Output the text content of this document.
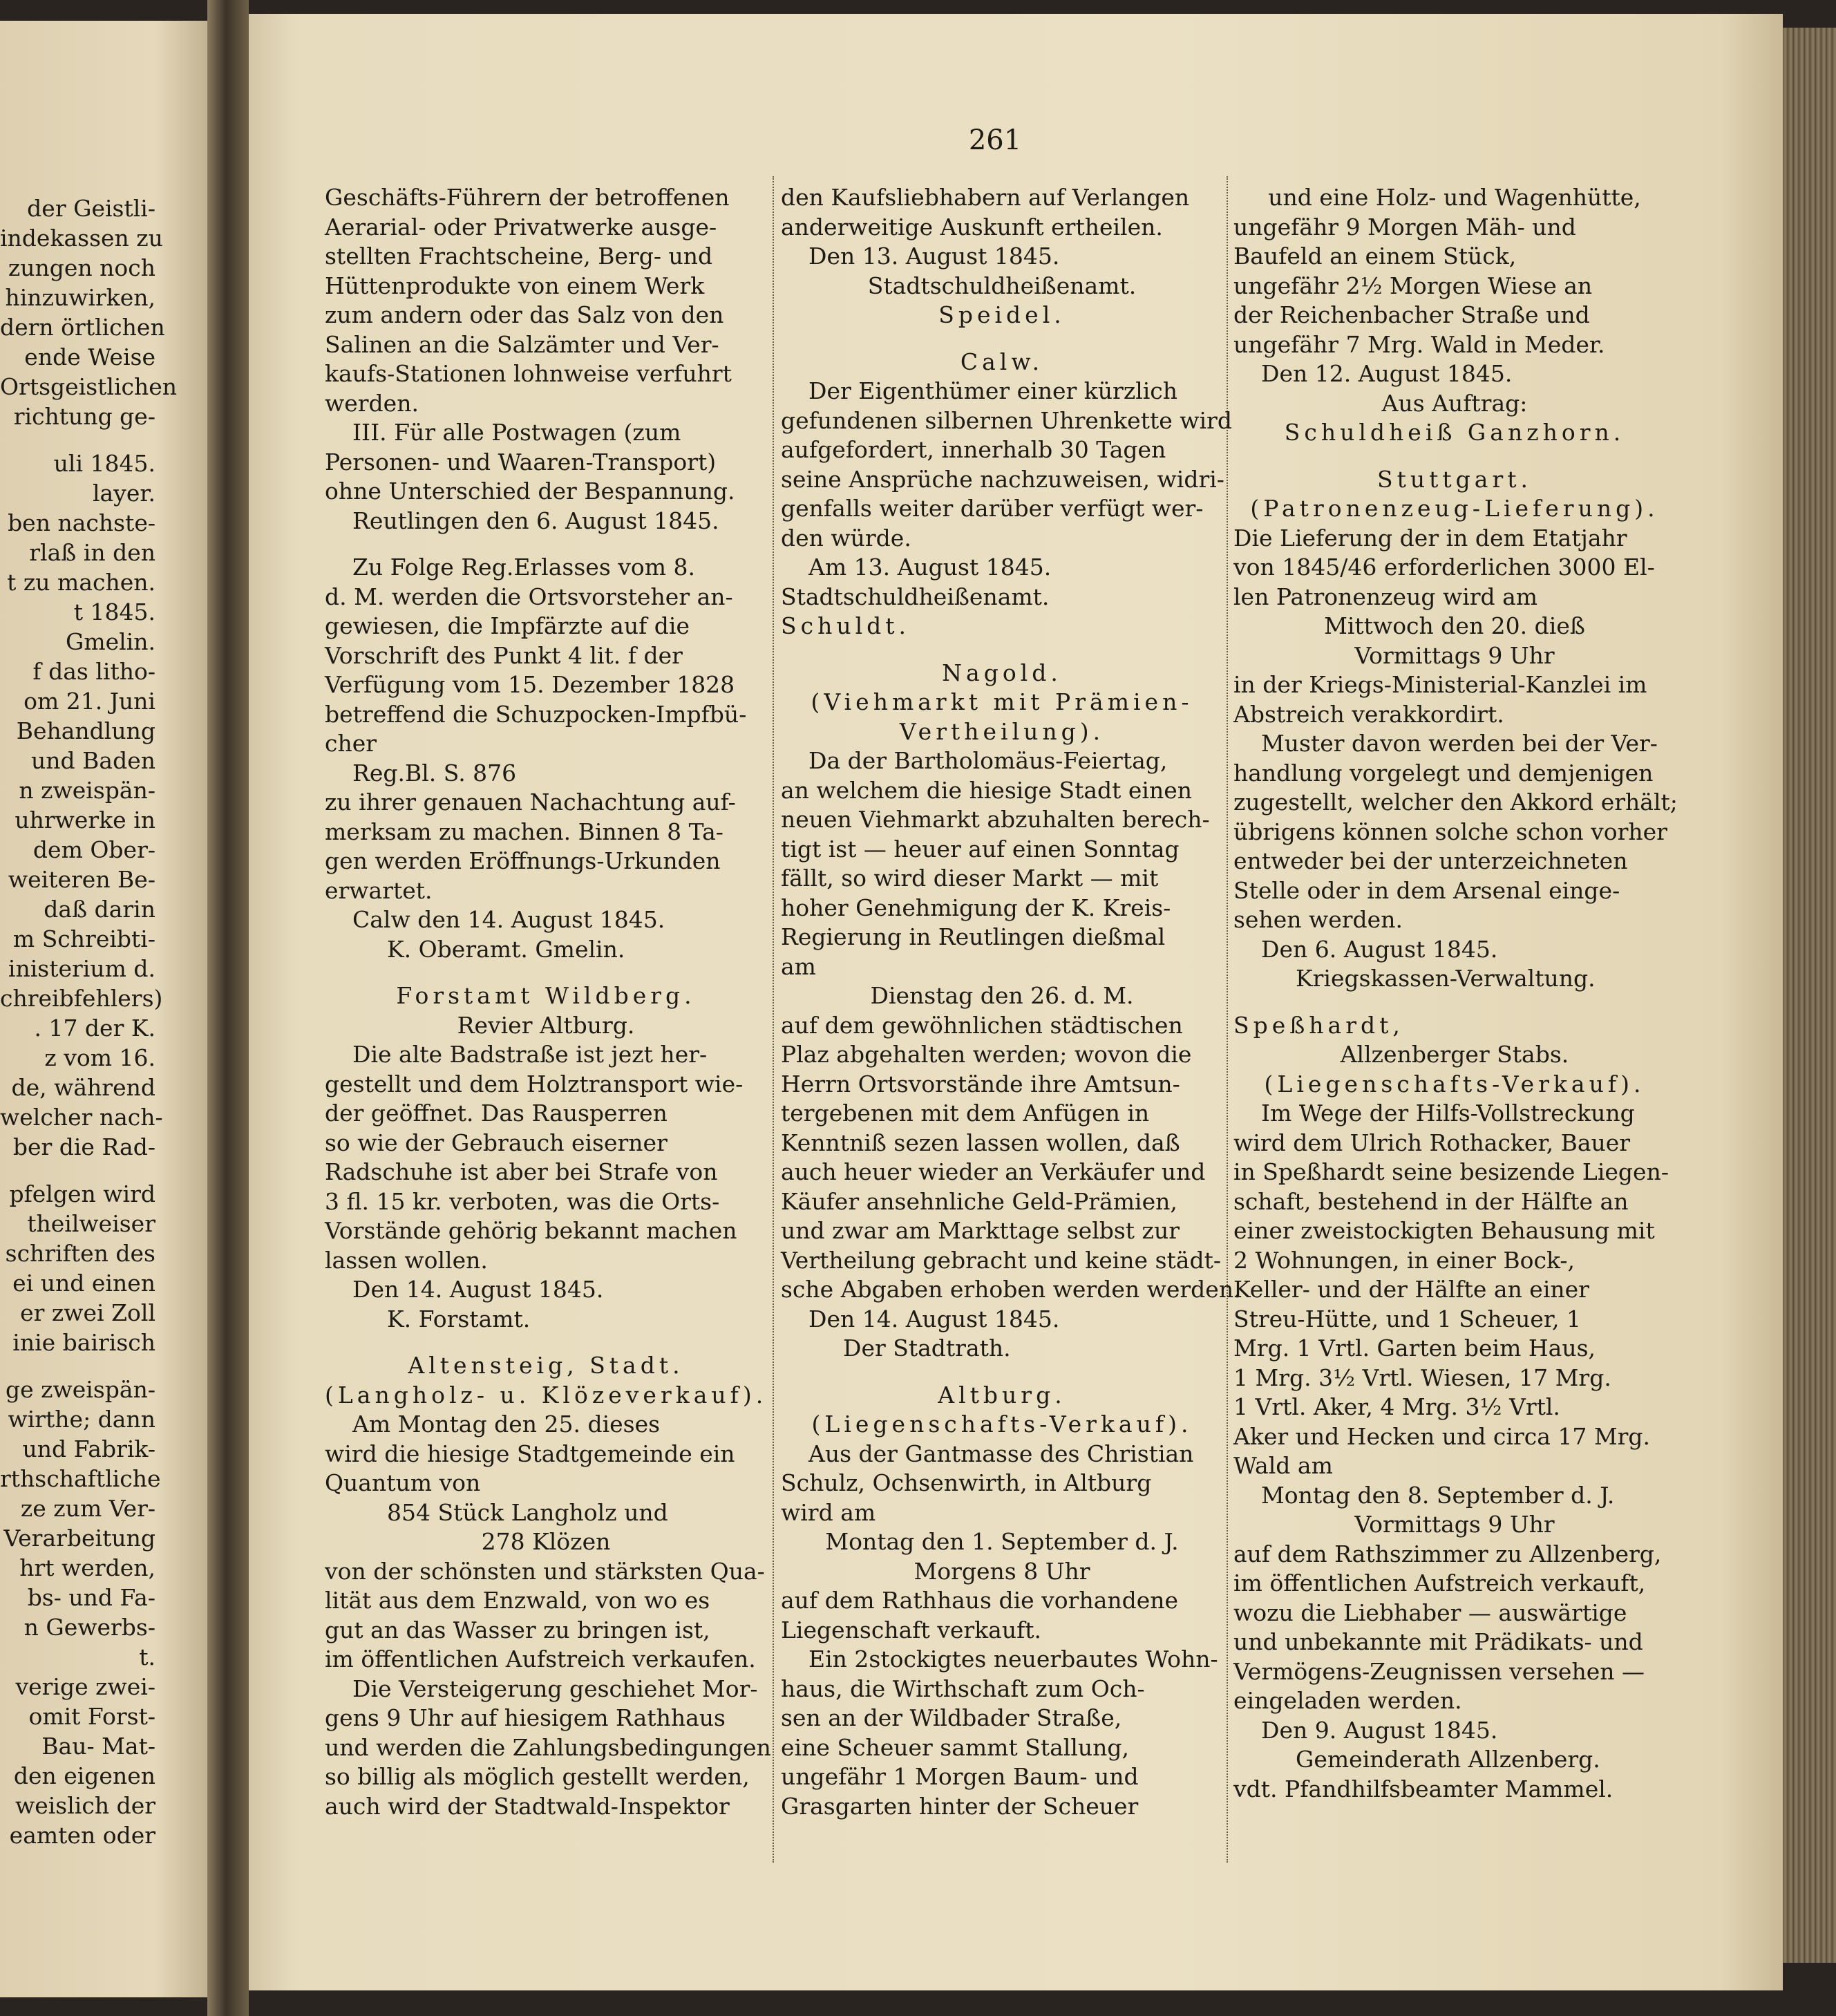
der Geistli-
indekassen zu
zungen noch
hinzuwirken,
dern örtlichen
ende Weise
Ortsgeistlichen
richtung ge-
uli 1845.
layer.
ben nachste-
rlaß in den
t zu machen.
t 1845.
Gmelin.
f das litho-
om 21. Juni
Behandlung
und Baden
n zweispän-
uhrwerke in
dem Ober-
weiteren Be-
daß darin
m Schreibti-
inisterium d.
chreibfehlers)
. 17 der K.
z vom 16.
de, während
welcher nach-
ber die Rad-
pfelgen wird
theilweiser
schriften des
ei und einen
er zwei Zoll
inie bairisch
ge zweispän-
wirthe; dann
und Fabrik-
rthschaftliche
ze zum Ver-
Verarbeitung
hrt werden,
bs- und Fa-
n Gewerbs-
t.
verige zwei-
omit Forst-
Bau- Mat-
den eigenen
weislich der
eamten oder
261
Geschäfts-Führern der betroffenen
Aerarial- oder Privatwerke ausge-
stellten Frachtscheine, Berg- und
Hüttenprodukte von einem Werk
zum andern oder das Salz von den
Salinen an die Salzämter und Ver-
kaufs-Stationen lohnweise verfuhrt
werden.
III. Für alle Postwagen (zum
Personen- und Waaren-Transport)
ohne Unterschied der Bespannung.
Reutlingen den 6. August 1845.
Zu Folge Reg.Erlasses vom 8.
d. M. werden die Ortsvorsteher an-
gewiesen, die Impfärzte auf die
Vorschrift des Punkt 4 lit. f der
Verfügung vom 15. Dezember 1828
betreffend die Schuzpocken-Impfbü-
cher
Reg.Bl. S. 876
zu ihrer genauen Nachachtung auf-
merksam zu machen. Binnen 8 Ta-
gen werden Eröffnungs-Urkunden
erwartet.
Calw den 14. August 1845.
K. Oberamt. Gmelin.
Forstamt Wildberg.
Revier Altburg.
Die alte Badstraße ist jezt her-
gestellt und dem Holztransport wie-
der geöffnet. Das Rausperren
so wie der Gebrauch eiserner
Radschuhe ist aber bei Strafe von
3 fl. 15 kr. verboten, was die Orts-
Vorstände gehörig bekannt machen
lassen wollen.
Den 14. August 1845.
K. Forstamt.
Altensteig, Stadt.
(Langholz- u. Klözeverkauf).
Am Montag den 25. dieses
wird die hiesige Stadtgemeinde ein
Quantum von
854 Stück Langholz und
278 Klözen
von der schönsten und stärksten Qua-
lität aus dem Enzwald, von wo es
gut an das Wasser zu bringen ist,
im öffentlichen Aufstreich verkaufen.
Die Versteigerung geschiehet Mor-
gens 9 Uhr auf hiesigem Rathhaus
und werden die Zahlungsbedingungen
so billig als möglich gestellt werden,
auch wird der Stadtwald-Inspektor
den Kaufsliebhabern auf Verlangen
anderweitige Auskunft ertheilen.
Den 13. August 1845.
Stadtschuldheißenamt.
Speidel.
Calw.
Der Eigenthümer einer kürzlich
gefundenen silbernen Uhrenkette wird
aufgefordert, innerhalb 30 Tagen
seine Ansprüche nachzuweisen, widri-
genfalls weiter darüber verfügt wer-
den würde.
Am 13. August 1845.
Stadtschuldheißenamt.
Schuldt.
Nagold.
(Viehmarkt mit Prämien-
Vertheilung).
Da der Bartholomäus-Feiertag,
an welchem die hiesige Stadt einen
neuen Viehmarkt abzuhalten berech-
tigt ist — heuer auf einen Sonntag
fällt, so wird dieser Markt — mit
hoher Genehmigung der K. Kreis-
Regierung in Reutlingen dießmal
am
Dienstag den 26. d. M.
auf dem gewöhnlichen städtischen
Plaz abgehalten werden; wovon die
Herrn Ortsvorstände ihre Amtsun-
tergebenen mit dem Anfügen in
Kenntniß sezen lassen wollen, daß
auch heuer wieder an Verkäufer und
Käufer ansehnliche Geld-Prämien,
und zwar am Markttage selbst zur
Vertheilung gebracht und keine städt-
sche Abgaben erhoben werden werden.
Den 14. August 1845.
Der Stadtrath.
Altburg.
(Liegenschafts-Verkauf).
Aus der Gantmasse des Christian
Schulz, Ochsenwirth, in Altburg
wird am
Montag den 1. September d. J.
Morgens 8 Uhr
auf dem Rathhaus die vorhandene
Liegenschaft verkauft.
Ein 2stockigtes neuerbautes Wohn-
haus, die Wirthschaft zum Och-
sen an der Wildbader Straße,
eine Scheuer sammt Stallung,
ungefähr 1 Morgen Baum- und
Grasgarten hinter der Scheuer
und eine Holz- und Wagenhütte,
ungefähr 9 Morgen Mäh- und
Baufeld an einem Stück,
ungefähr 2½ Morgen Wiese an
der Reichenbacher Straße und
ungefähr 7 Mrg. Wald in Meder.
Den 12. August 1845.
Aus Auftrag:
Schuldheiß Ganzhorn.
Stuttgart.
(Patronenzeug-Lieferung).
Die Lieferung der in dem Etatjahr
von 1845/46 erforderlichen 3000 El-
len Patronenzeug wird am
Mittwoch den 20. dieß
Vormittags 9 Uhr
in der Kriegs-Ministerial-Kanzlei im
Abstreich verakkordirt.
Muster davon werden bei der Ver-
handlung vorgelegt und demjenigen
zugestellt, welcher den Akkord erhält;
übrigens können solche schon vorher
entweder bei der unterzeichneten
Stelle oder in dem Arsenal einge-
sehen werden.
Den 6. August 1845.
Kriegskassen-Verwaltung.
Speßhardt,
Allzenberger Stabs.
(Liegenschafts-Verkauf).
Im Wege der Hilfs-Vollstreckung
wird dem Ulrich Rothacker, Bauer
in Speßhardt seine besizende Liegen-
schaft, bestehend in der Hälfte an
einer zweistockigten Behausung mit
2 Wohnungen, in einer Bock-,
Keller- und der Hälfte an einer
Streu-Hütte, und 1 Scheuer, 1
Mrg. 1 Vrtl. Garten beim Haus,
1 Mrg. 3½ Vrtl. Wiesen, 17 Mrg.
1 Vrtl. Aker, 4 Mrg. 3½ Vrtl.
Aker und Hecken und circa 17 Mrg.
Wald am
Montag den 8. September d. J.
Vormittags 9 Uhr
auf dem Rathszimmer zu Allzenberg,
im öffentlichen Aufstreich verkauft,
wozu die Liebhaber — auswärtige
und unbekannte mit Prädikats- und
Vermögens-Zeugnissen versehen —
eingeladen werden.
Den 9. August 1845.
Gemeinderath Allzenberg.
vdt. Pfandhilfsbeamter Mammel.
